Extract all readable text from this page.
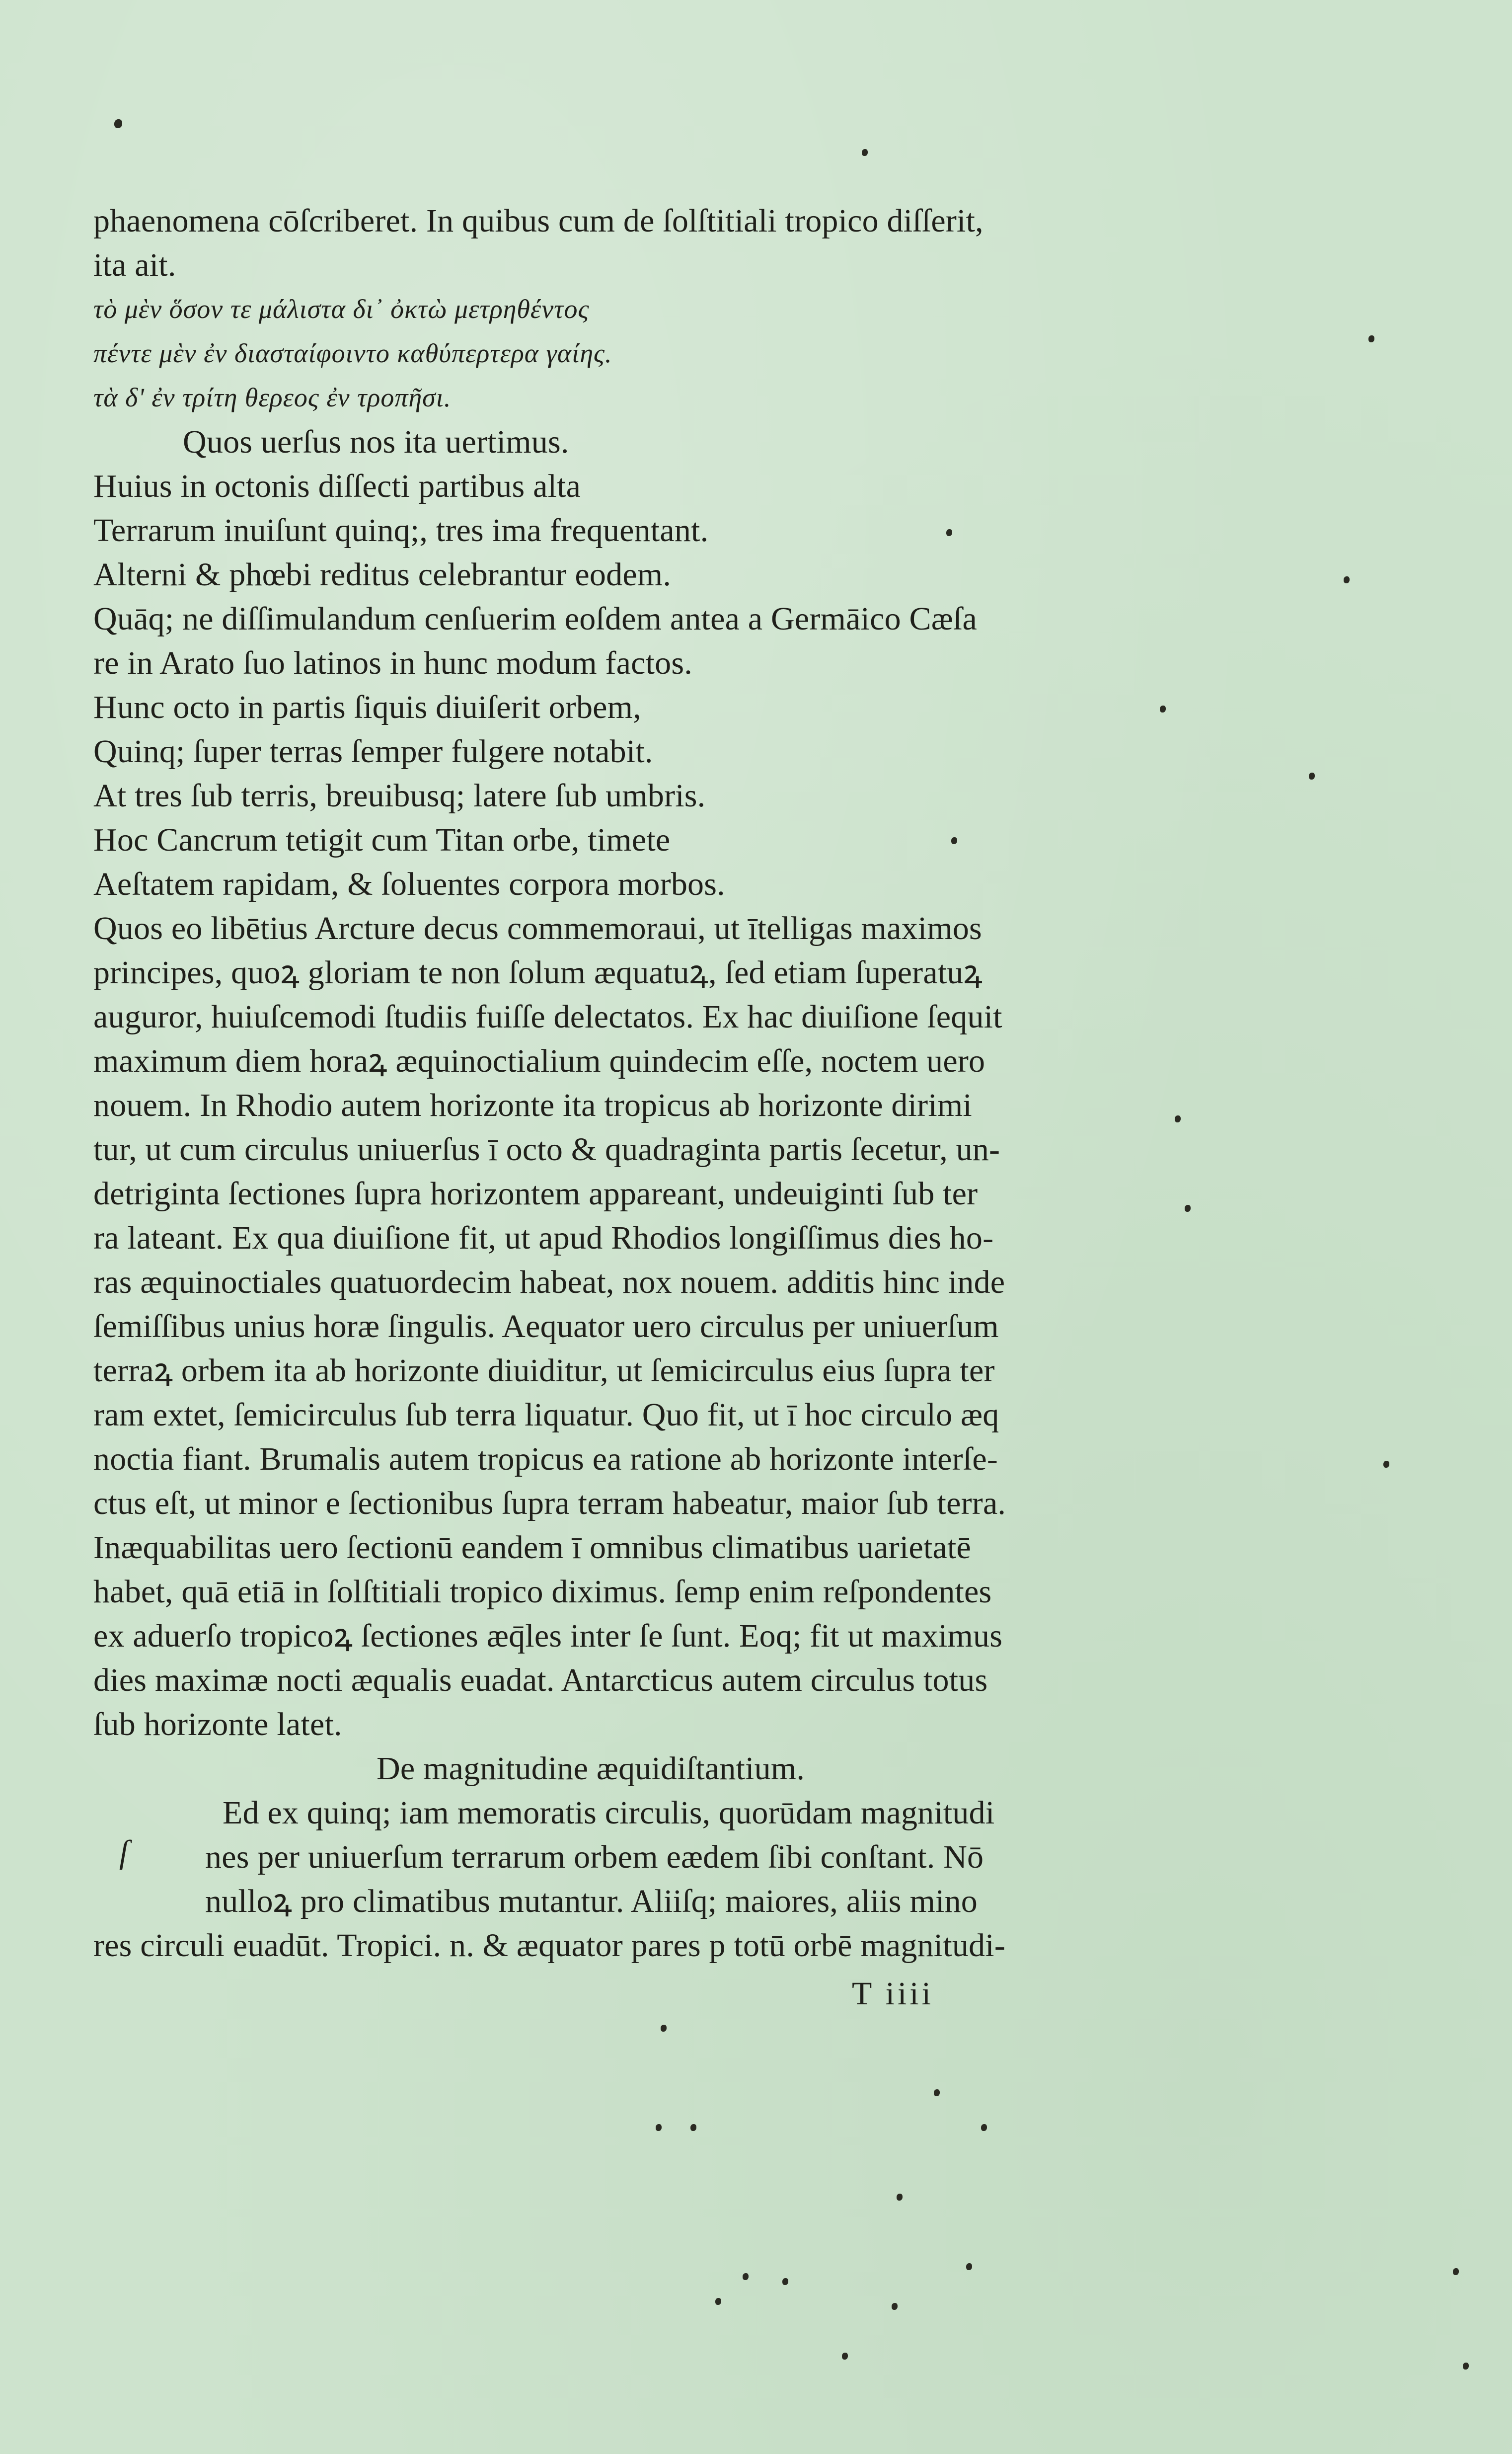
phaenomena cōſcriberet. In quibus cum de ſolſtitiali tropico diſſerit,
ita ait.
τὸ μὲν ὅσον τε μάλιστα δι᾿ ὀκτὼ μετρηθέντος
πέντε μὲν ἐν διασταίφοιντο καθύπερτερα γαίης.
τὰ δ' ἐν τρίτη θερεος ἐν τροπῆσι.
Quos uerſus nos ita uertimus.
Huius in octonis diſſecti partibus alta
Terrarum inuiſunt quinq;, tres ima frequentant.
Alterni & phœbi reditus celebrantur eodem.
Quāq; ne diſſimulandum cenſuerim eoſdem antea a Germāico Cæſa
re in Arato ſuo latinos in hunc modum factos.
Hunc octo in partis ſiquis diuiſerit orbem,
Quinq; ſuper terras ſemper fulgere notabit.
At tres ſub terris, breuibusq; latere ſub umbris.
Hoc Cancrum tetigit cum Titan orbe, timete
Aeſtatem rapidam, & ſoluentes corpora morbos.
Quos eo libētius Arcture decus commemoraui, ut ītelligas maximos
principes, quoꝝ gloriam te non ſolum æquatuꝝ, ſed etiam ſuperatuꝝ
auguror, huiuſcemodi ſtudiis fuiſſe delectatos. Ex hac diuiſione ſequit
maximum diem horaꝝ æquinoctialium quindecim eſſe, noctem uero
nouem. In Rhodio autem horizonte ita tropicus ab horizonte dirimi
tur, ut cum circulus uniuerſus ī octo & quadraginta partis ſecetur, un-
detriginta ſectiones ſupra horizontem appareant, undeuiginti ſub ter
ra lateant. Ex qua diuiſione fit, ut apud Rhodios longiſſimus dies ho-
ras æquinoctiales quatuordecim habeat, nox nouem. additis hinc inde
ſemiſſibus unius horæ ſingulis. Aequator uero circulus per uniuerſum
terraꝝ orbem ita ab horizonte diuiditur, ut ſemicirculus eius ſupra ter
ram extet, ſemicirculus ſub terra liquatur. Quo fit, ut ī hoc circulo æq
noctia fiant. Brumalis autem tropicus ea ratione ab horizonte interſe-
ctus eſt, ut minor e ſectionibus ſupra terram habeatur, maior ſub terra.
Inæquabilitas uero ſectionū eandem ī omnibus climatibus uarietatē
habet, quā etiā in ſolſtitiali tropico diximus. ſemp enim reſpondentes
ex aduerſo tropicoꝝ ſectiones æq̄les inter ſe ſunt. Eoq; fit ut maximus
dies maximæ nocti æqualis euadat. Antarcticus autem circulus totus
ſub horizonte latet.
De magnitudine æquidiſtantium.
Ed ex quinq; iam memoratis circulis, quorūdam magnitudi
nes per uniuerſum terrarum orbem eædem ſibi conſtant. Nō
nulloꝝ pro climatibus mutantur. Aliiſq; maiores, aliis mino
res circuli euadūt. Tropici. n. & æquator pares p totū orbē magnitudi-
ſ
T iiii
